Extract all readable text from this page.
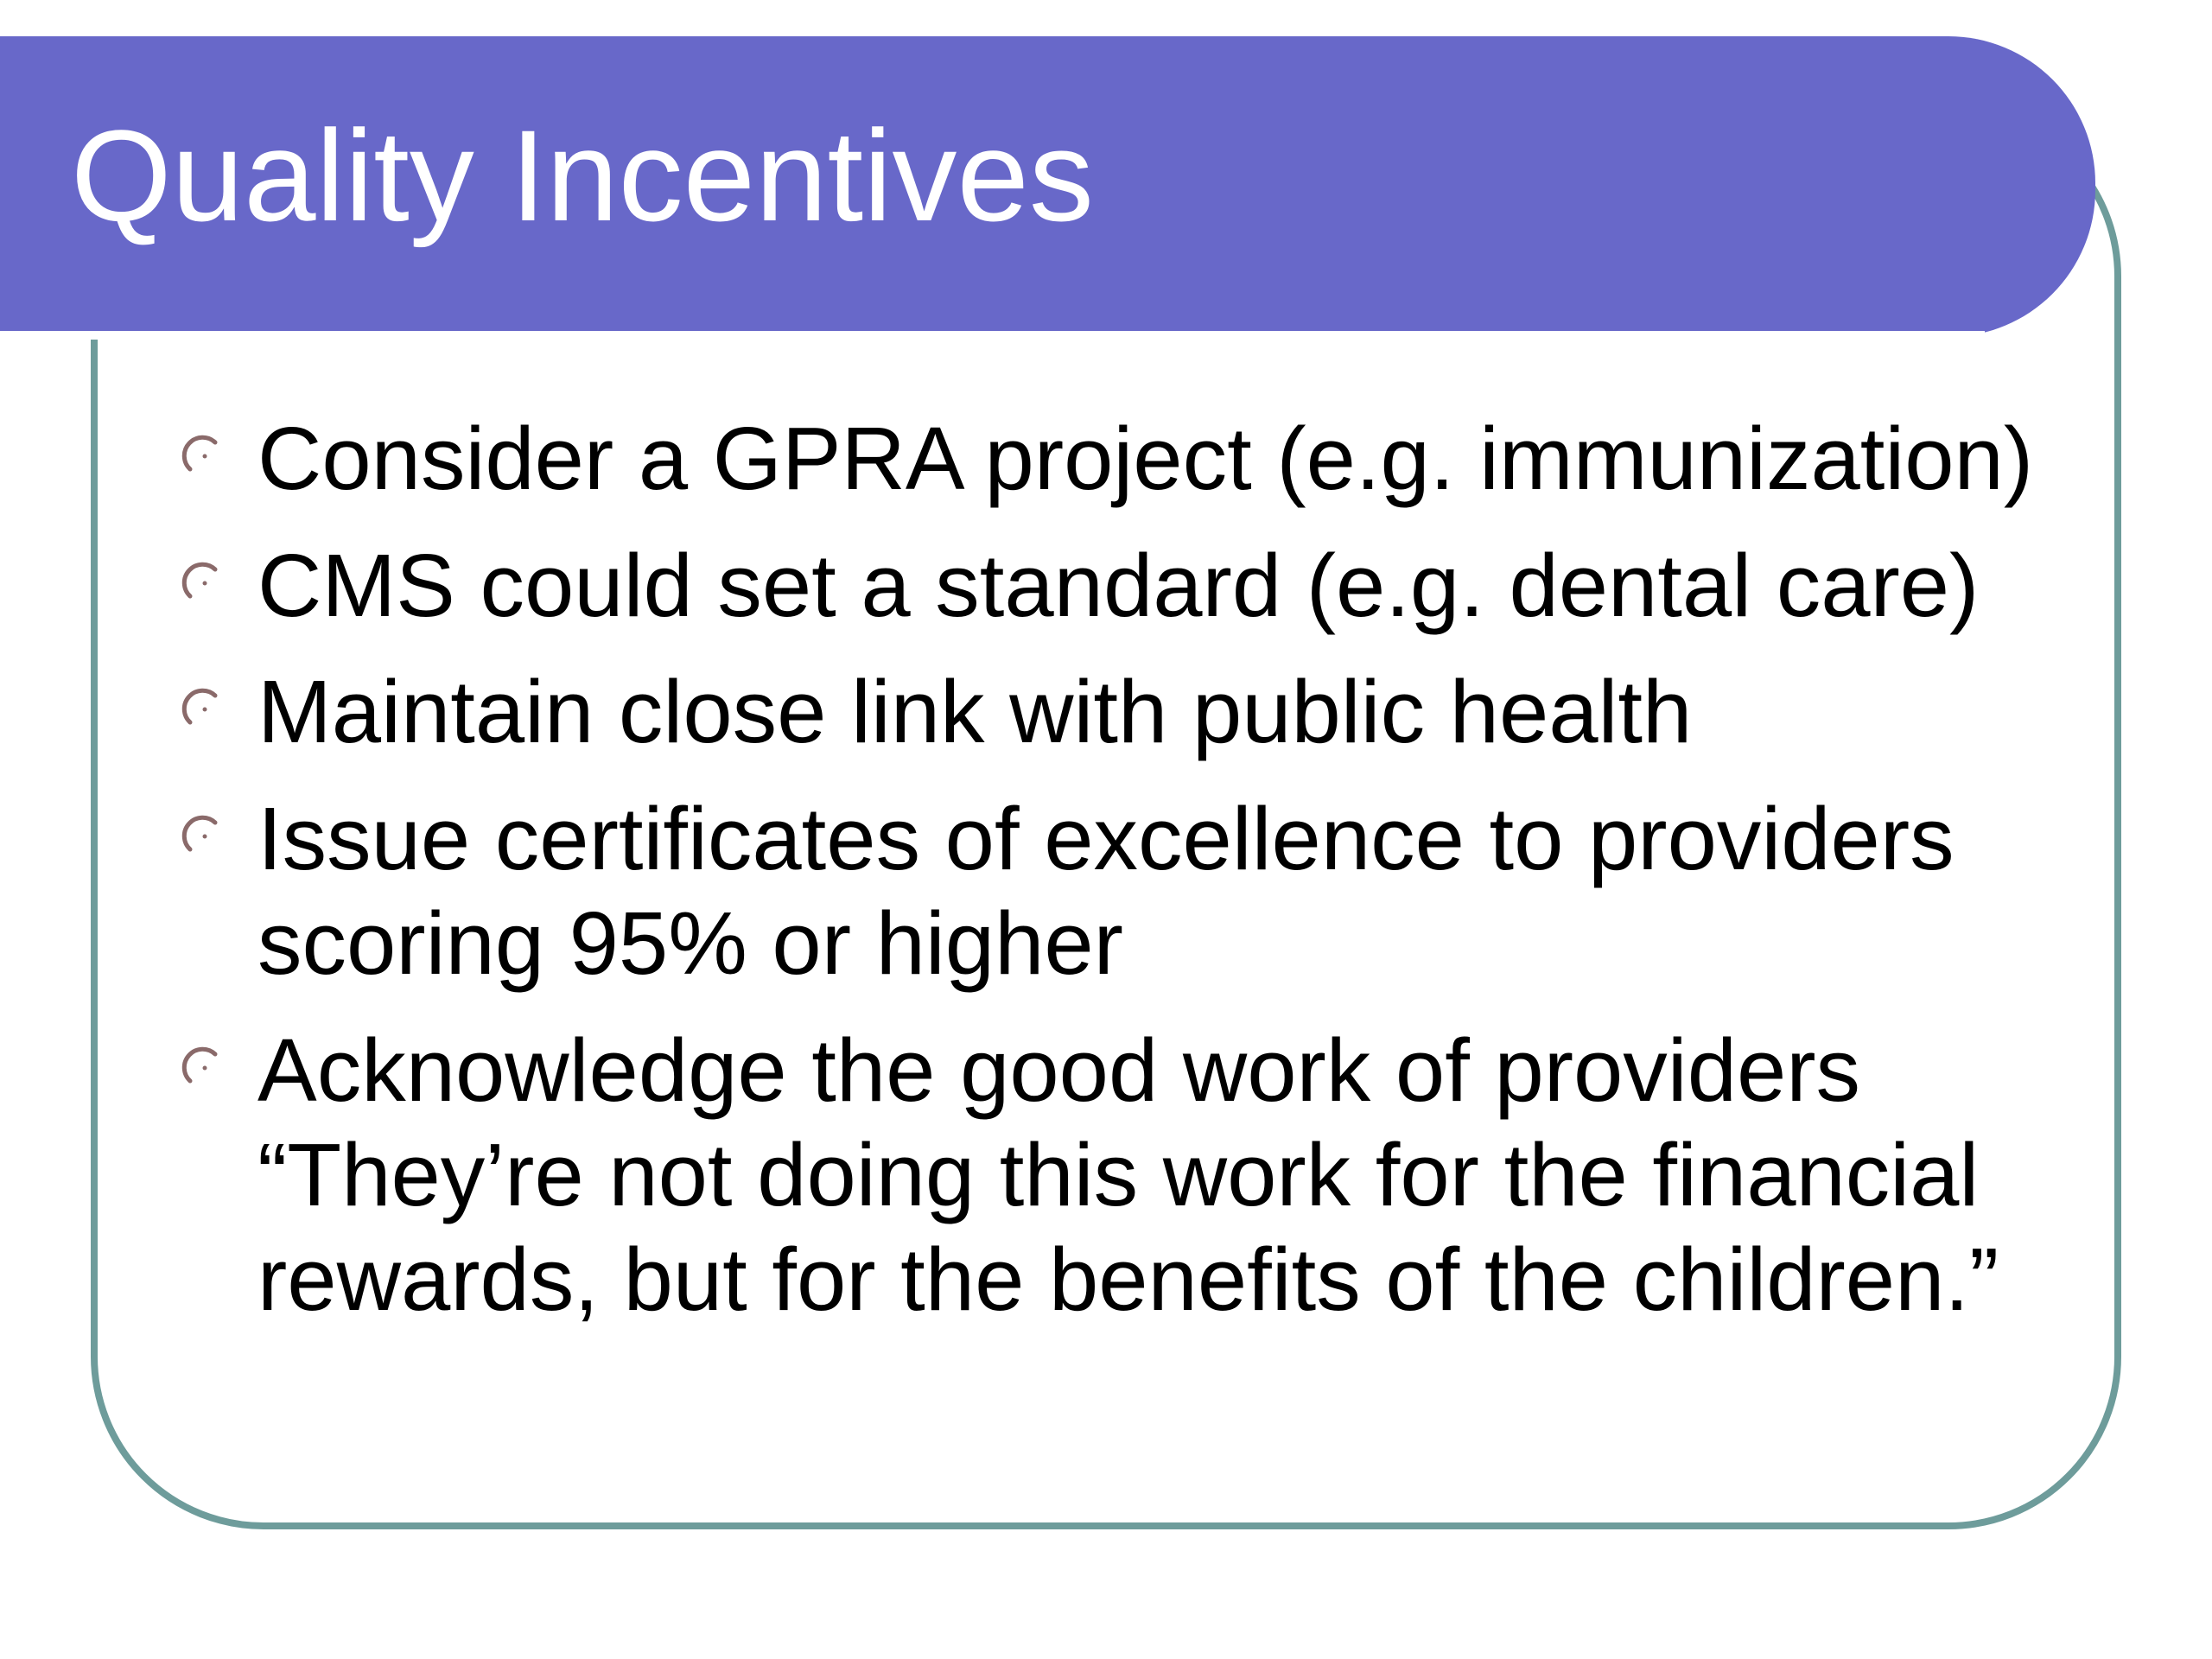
Quality Incentives

Consider a GPRA project (e.g. immunization)

CMS could set a standard (e.g. dental care)

Maintain close link with public health

Issue certificates of excellence to providers
scoring 95% or higher

Acknowledge the good work of providers
“They’re not doing this work for the financial
rewards, but for the benefits of the children.”
